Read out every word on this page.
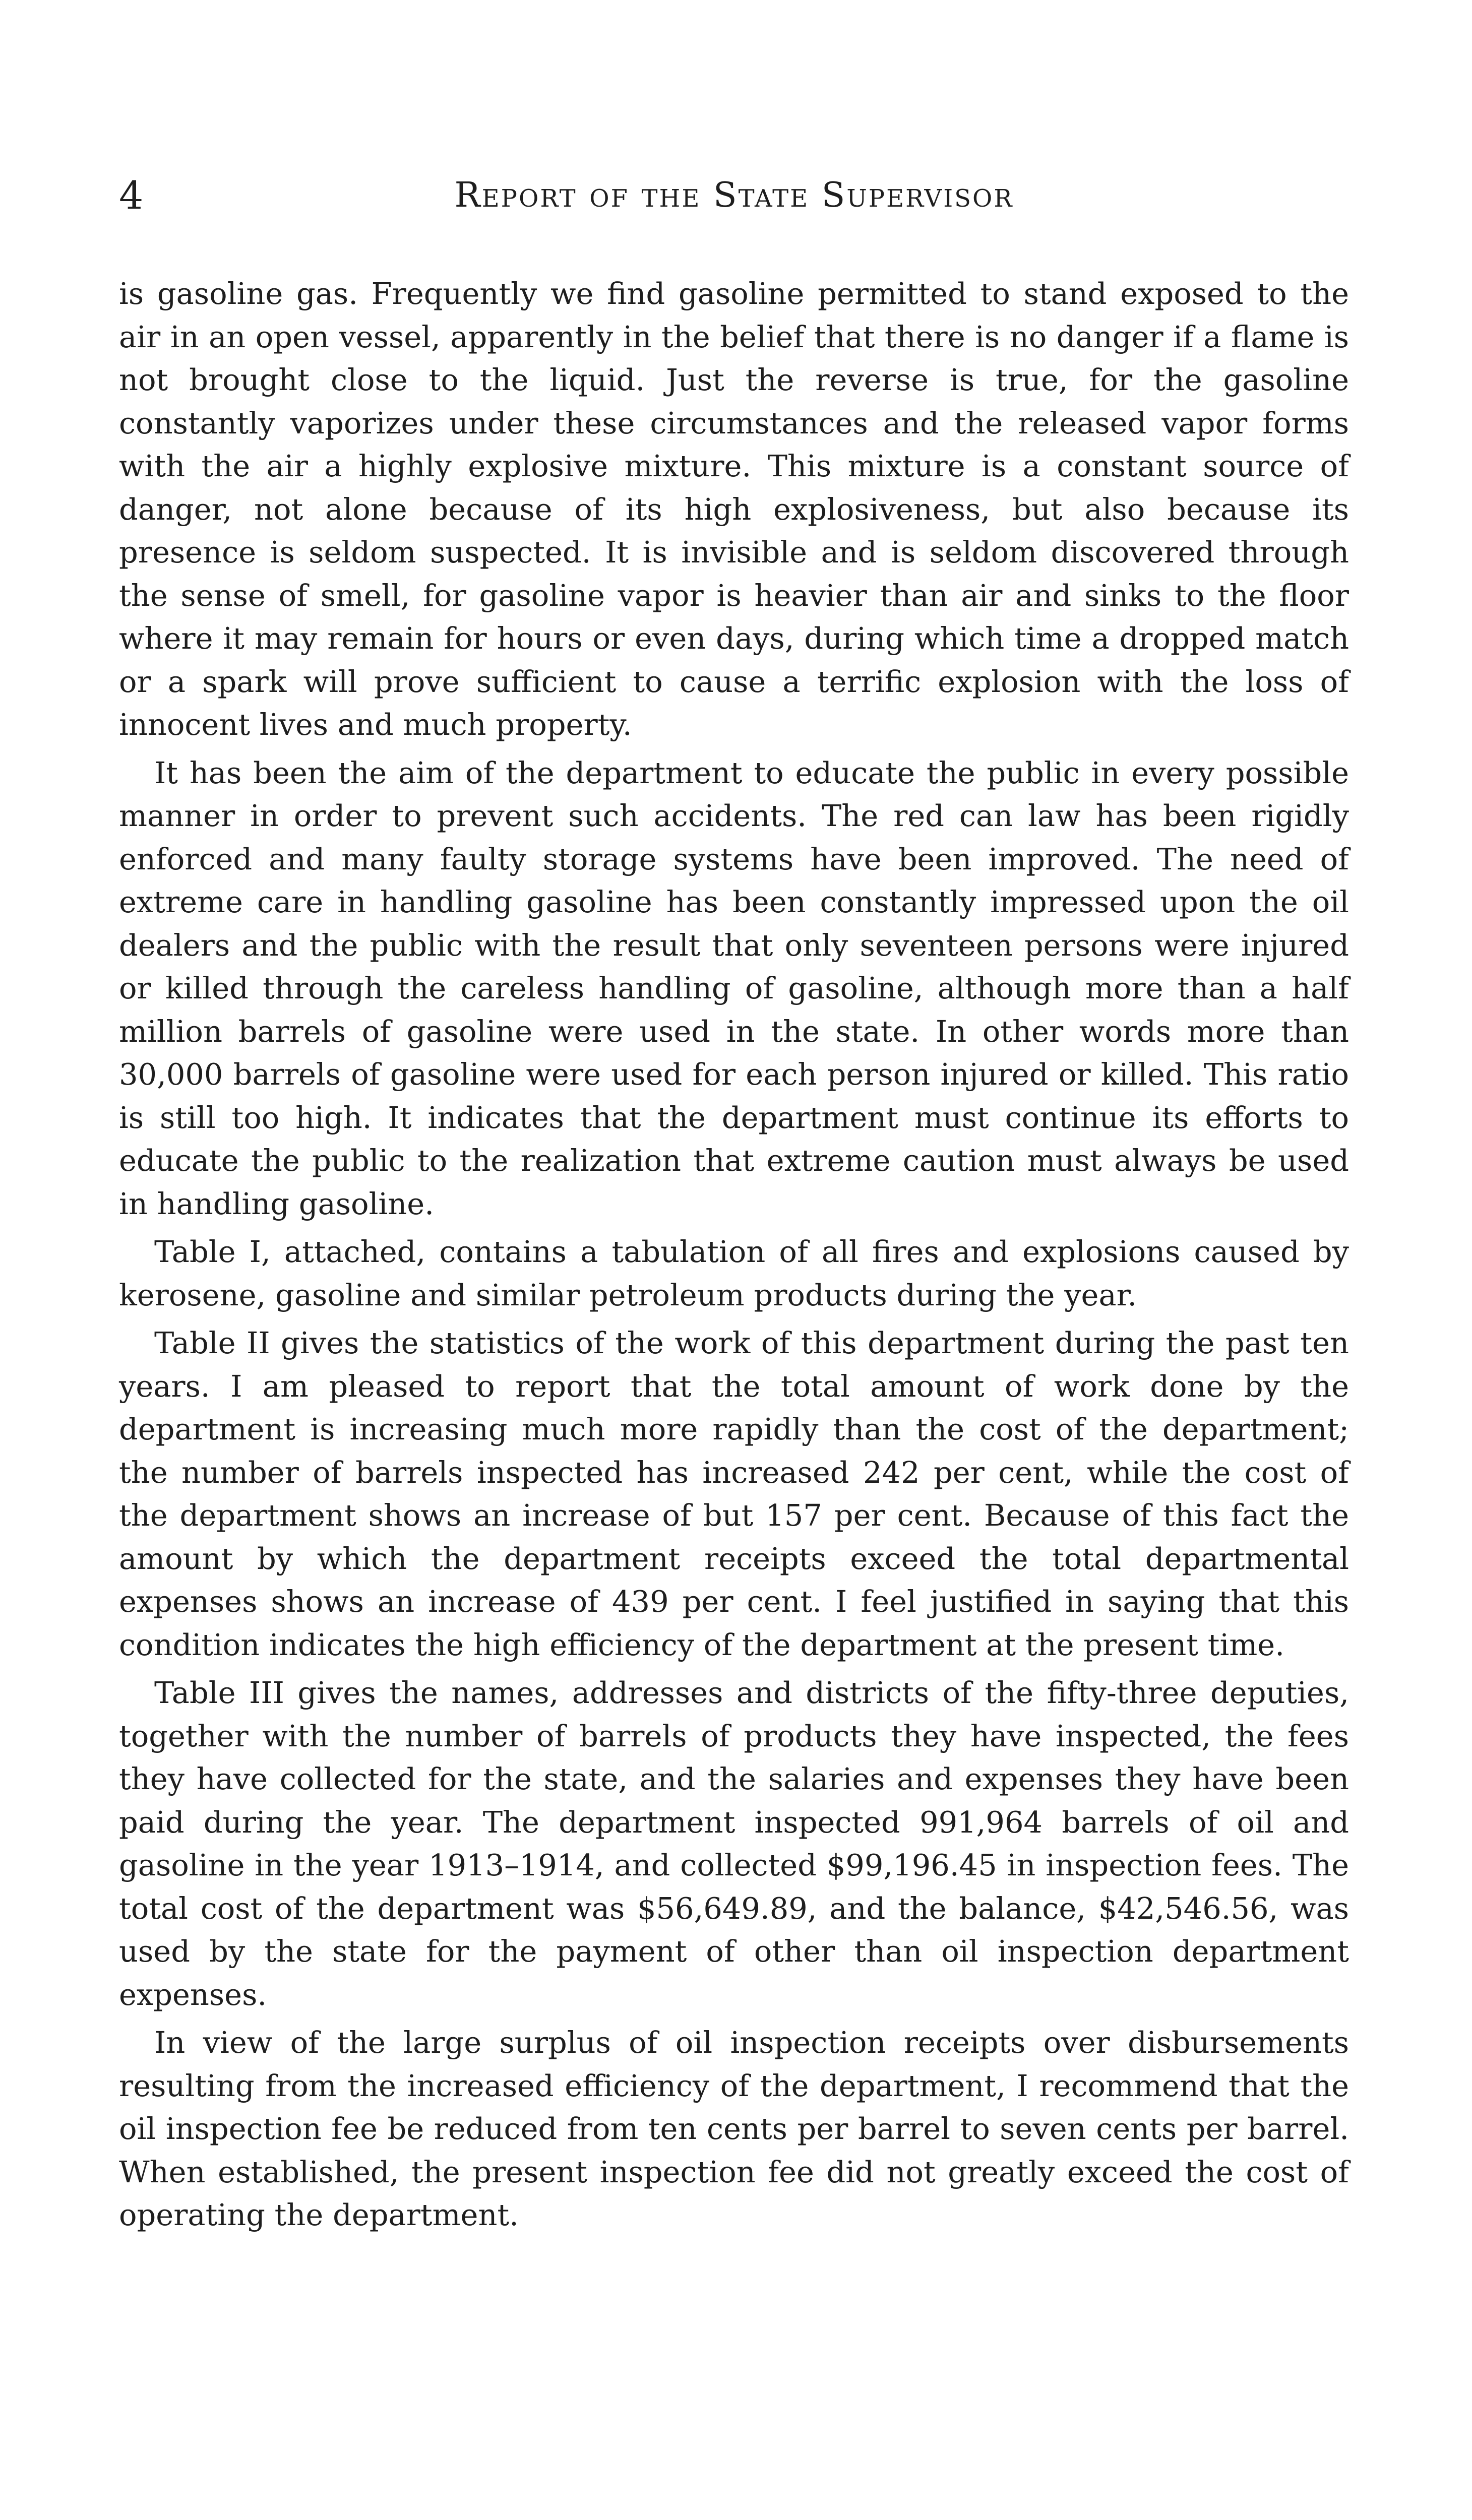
4	Report of the State Supervisor

is gasoline gas. Frequently we find gasoline permitted to stand exposed to the air in an open vessel, apparently in the belief that there is no danger if a flame is not brought close to the liquid. Just the reverse is true, for the gasoline constantly vaporizes under these circumstances and the released vapor forms with the air a highly explosive mixture. This mixture is a constant source of danger, not alone because of its high explosiveness, but also because its presence is seldom suspected. It is invisible and is seldom discovered through the sense of smell, for gasoline vapor is heavier than air and sinks to the floor where it may remain for hours or even days, during which time a dropped match or a spark will prove sufficient to cause a terrific explosion with the loss of innocent lives and much property.

It has been the aim of the department to educate the public in every possible manner in order to prevent such accidents. The red can law has been rigidly enforced and many faulty storage systems have been improved. The need of extreme care in handling gasoline has been constantly impressed upon the oil dealers and the public with the result that only seventeen persons were injured or killed through the careless handling of gasoline, although more than a half million barrels of gasoline were used in the state. In other words more than 30,000 barrels of gasoline were used for each person injured or killed. This ratio is still too high. It indicates that the department must continue its efforts to educate the public to the realization that extreme caution must always be used in handling gasoline.

Table I, attached, contains a tabulation of all fires and explosions caused by kerosene, gasoline and similar petroleum products during the year.

Table II gives the statistics of the work of this department during the past ten years. I am pleased to report that the total amount of work done by the department is increasing much more rapidly than the cost of the department; the number of barrels inspected has increased 242 per cent, while the cost of the department shows an increase of but 157 per cent. Because of this fact the amount by which the department receipts exceed the total departmental expenses shows an increase of 439 per cent. I feel justified in saying that this condition indicates the high efficiency of the department at the present time.

Table III gives the names, addresses and districts of the fifty-three deputies, together with the number of barrels of products they have inspected, the fees they have collected for the state, and the salaries and expenses they have been paid during the year. The department inspected 991,964 barrels of oil and gasoline in the year 1913–1914, and collected $99,196.45 in inspection fees. The total cost of the department was $56,649.89, and the balance, $42,546.56, was used by the state for the payment of other than oil inspection department expenses.

In view of the large surplus of oil inspection receipts over disbursements resulting from the increased efficiency of the department, I recommend that the oil inspection fee be reduced from ten cents per barrel to seven cents per barrel. When established, the present inspection fee did not greatly exceed the cost of operating the department.
